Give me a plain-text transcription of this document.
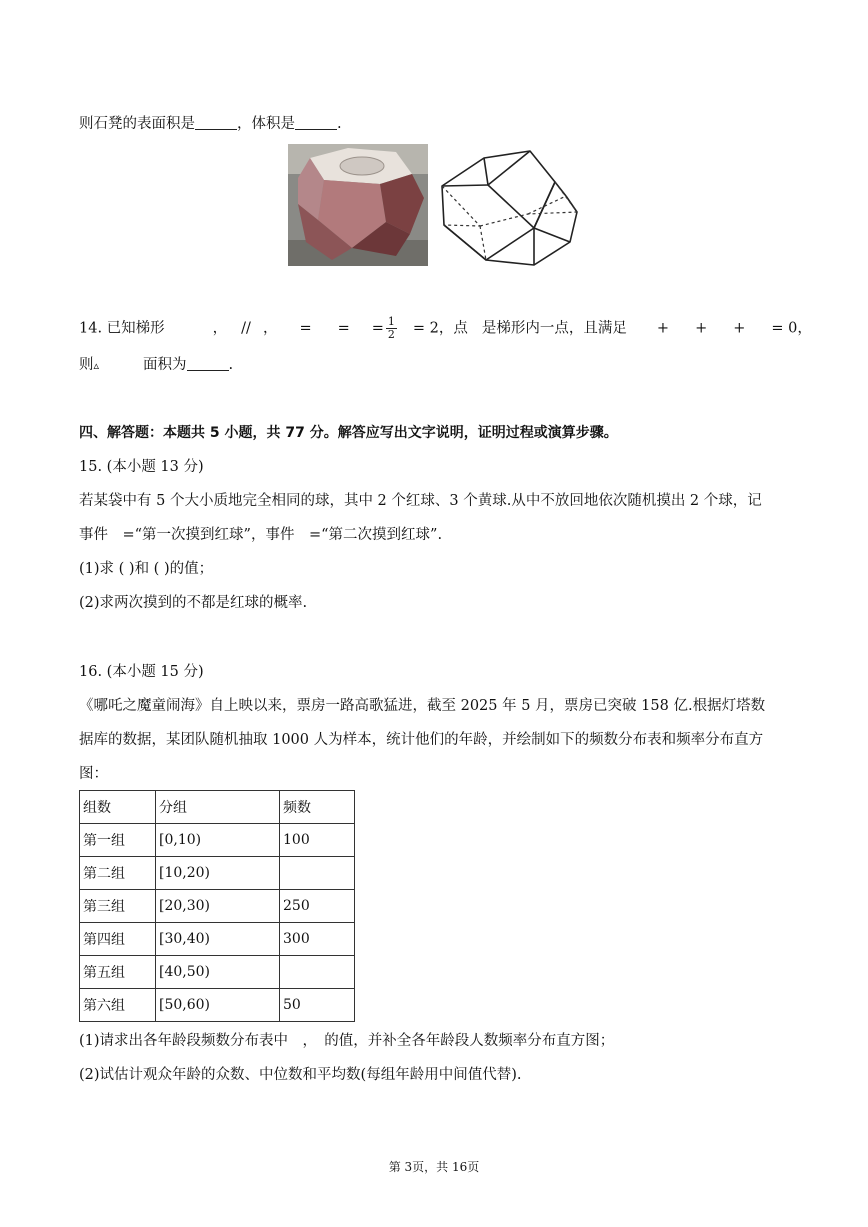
则石凳的表面积是	，体积是	.
14. 已知梯形	， // ， = = = $\frac{1}{2} = 2$，点 是梯形内一点，且满足 + + + = 0，
则▵	面积为	.
四、解答题：本题共 5 小题，共 77 分。解答应写出文字说明，证明过程或演算步骤。
15. (本小题 13 分)
若某袋中有 5 个大小质地完全相同的球，其中 2 个红球、3 个黄球.从中不放回地依次随机摸出 2 个球，记
事件　=“第一次摸到红球”，事件　=“第二次摸到红球”.
(1)求 ( )和 ( )的值；
(2)求两次摸到的不都是红球的概率.
16. (本小题 15 分)
《哪吒之魔童闹海》自上映以来，票房一路高歌猛进，截至 2025 年 5 月，票房已突破 158 亿.根据灯塔数
据库的数据，某团队随机抽取 1000 人为样本，统计他们的年龄，并绘制如下的频数分布表和频率分布直方
图：
组数	分组	频数
第一组	[0,10)	100
第二组	[10,20)	
第三组	[20,30)	250
第四组	[30,40)	300
第五组	[40,50)	
第六组	[50,60)	50
(1)请求出各年龄段频数分布表中　，　的值，并补全各年龄段人数频率分布直方图；
(2)试估计观众年龄的众数、中位数和平均数(每组年龄用中间值代替).
第 3页，共 16页
